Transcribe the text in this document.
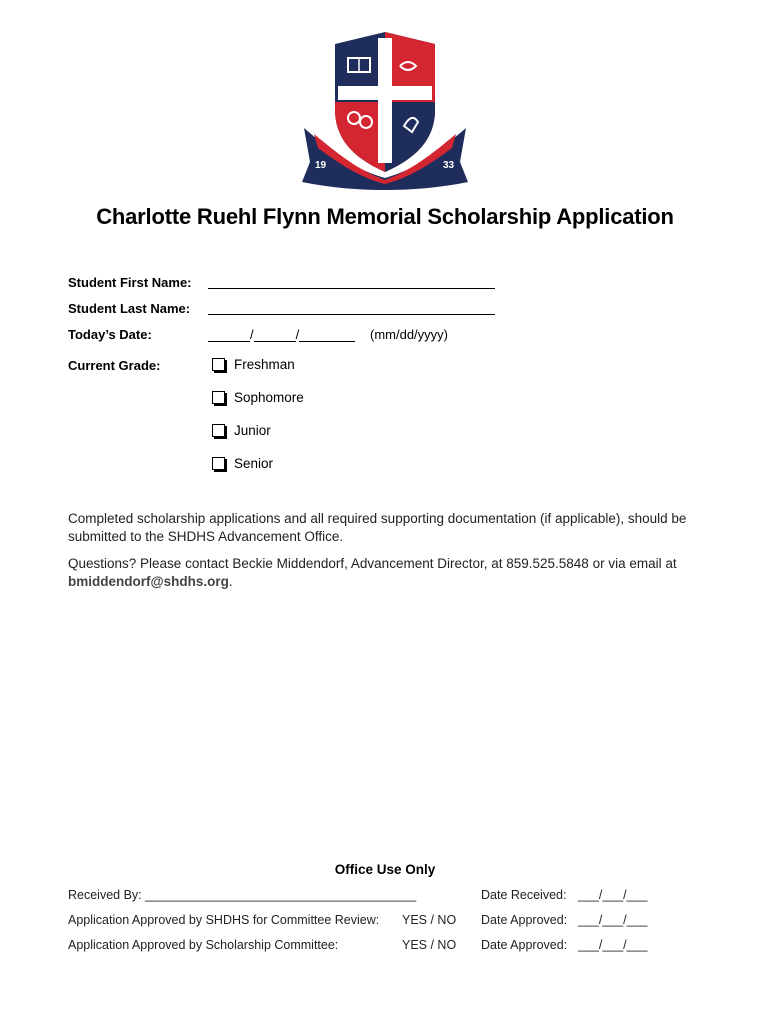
19	33
Charlotte Ruehl Flynn Memorial Scholarship Application
Student First Name:
Student Last Name:
Today’s Date:	/	/	(mm/dd/yyyy)
Current Grade:	Freshman
Sophomore
Junior
Senior
Completed scholarship applications and all required supporting documentation (if applicable), should be submitted to the SHDHS Advancement Office.
Questions? Please contact Beckie Middendorf, Advancement Director, at 859.525.5848 or via email at bmiddendorf@shdhs.org.
Office Use Only
Received By: _______________________________________	Date Received: ___/___/___
Application Approved by SHDHS for Committee Review: YES / NO Date Approved: ___/___/___
Application Approved by Scholarship Committee:	YES / NO Date Approved: ___/___/___
